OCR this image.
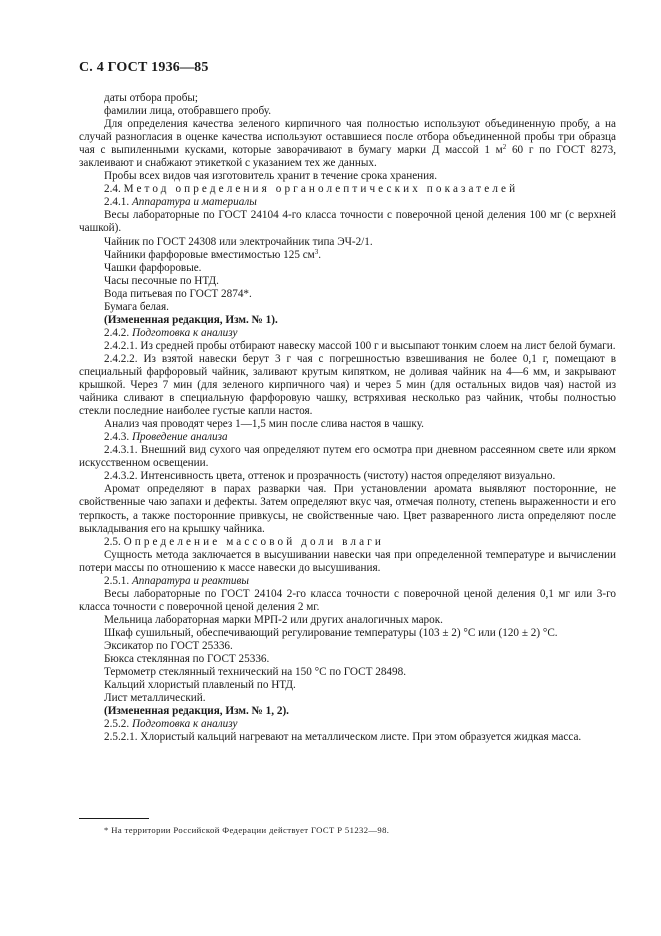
С. 4 ГОСТ 1936—85

даты отбора пробы;

фамилии лица, отобравшего пробу.

Для определения качества зеленого кирпичного чая полностью используют объединенную пробу, а на случай разногласия в оценке качества используют оставшиеся после отбора объединенной пробы три образца чая с выпиленными кусками, которые заворачивают в бумагу марки Д массой 1 $м^2$ 60 г по ГОСТ 8273, заклеивают и снабжают этикеткой с указанием тех же данных.

Пробы всех видов чая изготовитель хранит в течение срока хранения.

2.4. Метод определения органолептических показателей

2.4.1. Аппаратура и материалы

Весы лабораторные по ГОСТ 24104 4-го класса точности с поверочной ценой деления 100 мг (с верхней чашкой).

Чайник по ГОСТ 24308 или электрочайник типа ЭЧ-2/1.

Чайники фарфоровые вместимостью 125 $см^3$.

Чашки фарфоровые.

Часы песочные по НТД.

Вода питьевая по ГОСТ 2874*.

Бумага белая.

(Измененная редакция, Изм. № 1).

2.4.2. Подготовка к анализу

2.4.2.1. Из средней пробы отбирают навеску массой 100 г и высыпают тонким слоем на лист белой бумаги.

2.4.2.2. Из взятой навески берут 3 г чая с погрешностью взвешивания не более 0,1 г, помещают в специальный фарфоровый чайник, заливают крутым кипятком, не доливая чайник на 4—6 мм, и закрывают крышкой. Через 7 мин (для зеленого кирпичного чая) и через 5 мин (для остальных видов чая) настой из чайника сливают в специальную фарфоровую чашку, встряхивая несколько раз чайник, чтобы полностью стекли последние наиболее густые капли настоя.

Анализ чая проводят через 1—1,5 мин после слива настоя в чашку.

2.4.3. Проведение анализа

2.4.3.1. Внешний вид сухого чая определяют путем его осмотра при дневном рассеянном свете или ярком искусственном освещении.

2.4.3.2. Интенсивность цвета, оттенок и прозрачность (чистоту) настоя определяют визуально.

Аромат определяют в парах разварки чая. При установлении аромата выявляют посторонние, не свойственные чаю запахи и дефекты. Затем определяют вкус чая, отмечая полноту, степень выраженности и его терпкость, а также посторонние привкусы, не свойственные чаю. Цвет разваренного листа определяют после выкладывания его на крышку чайника.

2.5. Определение массовой доли влаги

Сущность метода заключается в высушивании навески чая при определенной температуре и вычислении потери массы по отношению к массе навески до высушивания.

2.5.1. Аппаратура и реактивы

Весы лабораторные по ГОСТ 24104 2-го класса точности с поверочной ценой деления 0,1 мг или 3-го класса точности с поверочной ценой деления 2 мг.

Мельница лабораторная марки МРП-2 или других аналогичных марок.

Шкаф сушильный, обеспечивающий регулирование температуры (103 ± 2) °С или (120 ± 2) °С.

Эксикатор по ГОСТ 25336.

Бюкса стеклянная по ГОСТ 25336.

Термометр стеклянный технический на 150 °С по ГОСТ 28498.

Кальций хлористый плавленый по НТД.

Лист металлический.

(Измененная редакция, Изм. № 1, 2).

2.5.2. Подготовка к анализу

2.5.2.1. Хлористый кальций нагревают на металлическом листе. При этом образуется жидкая масса.

* На территории Российской Федерации действует ГОСТ Р 51232—98.
